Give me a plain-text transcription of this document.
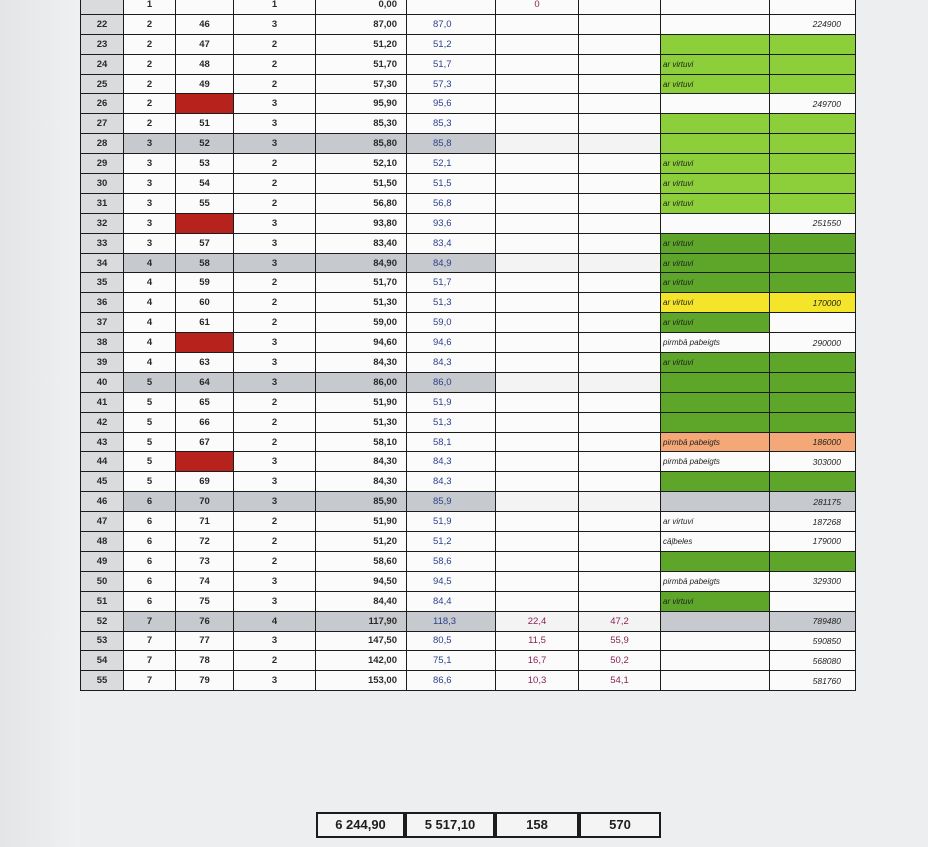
	1		1	0,00		0			
22	2	46	3	87,00	87,0				224900
23	2	47	2	51,20	51,2				
24	2	48	2	51,70	51,7			ar virtuvi	
25	2	49	2	57,30	57,3			ar virtuvi	
26	2	50	3	95,90	95,6				249700
27	2	51	3	85,30	85,3				
28	3	52	3	85,80	85,8				
29	3	53	2	52,10	52,1			ar virtuvi	
30	3	54	2	51,50	51,5			ar virtuvi	
31	3	55	2	56,80	56,8			ar virtuvi	
32	3	56	3	93,80	93,6				251550
33	3	57	3	83,40	83,4			ar virtuvi	
34	4	58	3	84,90	84,9			ar virtuvi	
35	4	59	2	51,70	51,7			ar virtuvi	
36	4	60	2	51,30	51,3			ar virtuvi	170000
37	4	61	2	59,00	59,0			ar virtuvi	
38	4	62	3	94,60	94,6			pirmbā pabeigts	290000
39	4	63	3	84,30	84,3			ar virtuvi	
40	5	64	3	86,00	86,0				
41	5	65	2	51,90	51,9				
42	5	66	2	51,30	51,3				
43	5	67	2	58,10	58,1			pirmbā pabeigts	186000
44	5	68	3	84,30	84,3			pirmbā pabeigts	303000
45	5	69	3	84,30	84,3				
46	6	70	3	85,90	85,9				281175
47	6	71	2	51,90	51,9			ar virtuvi	187268
48	6	72	2	51,20	51,2			cāļbeles	179000
49	6	73	2	58,60	58,6				
50	6	74	3	94,50	94,5			pirmbā pabeigts	329300
51	6	75	3	84,40	84,4			ar virtuvi	
52	7	76	4	117,90	118,3	22,4	47,2		789480
53	7	77	3	147,50	80,5	11,5	55,9		590850
54	7	78	2	142,00	75,1	16,7	50,2		568080
55	7	79	3	153,00	86,6	10,3	54,1		581760
6 244,90	5 517,10	158	570
